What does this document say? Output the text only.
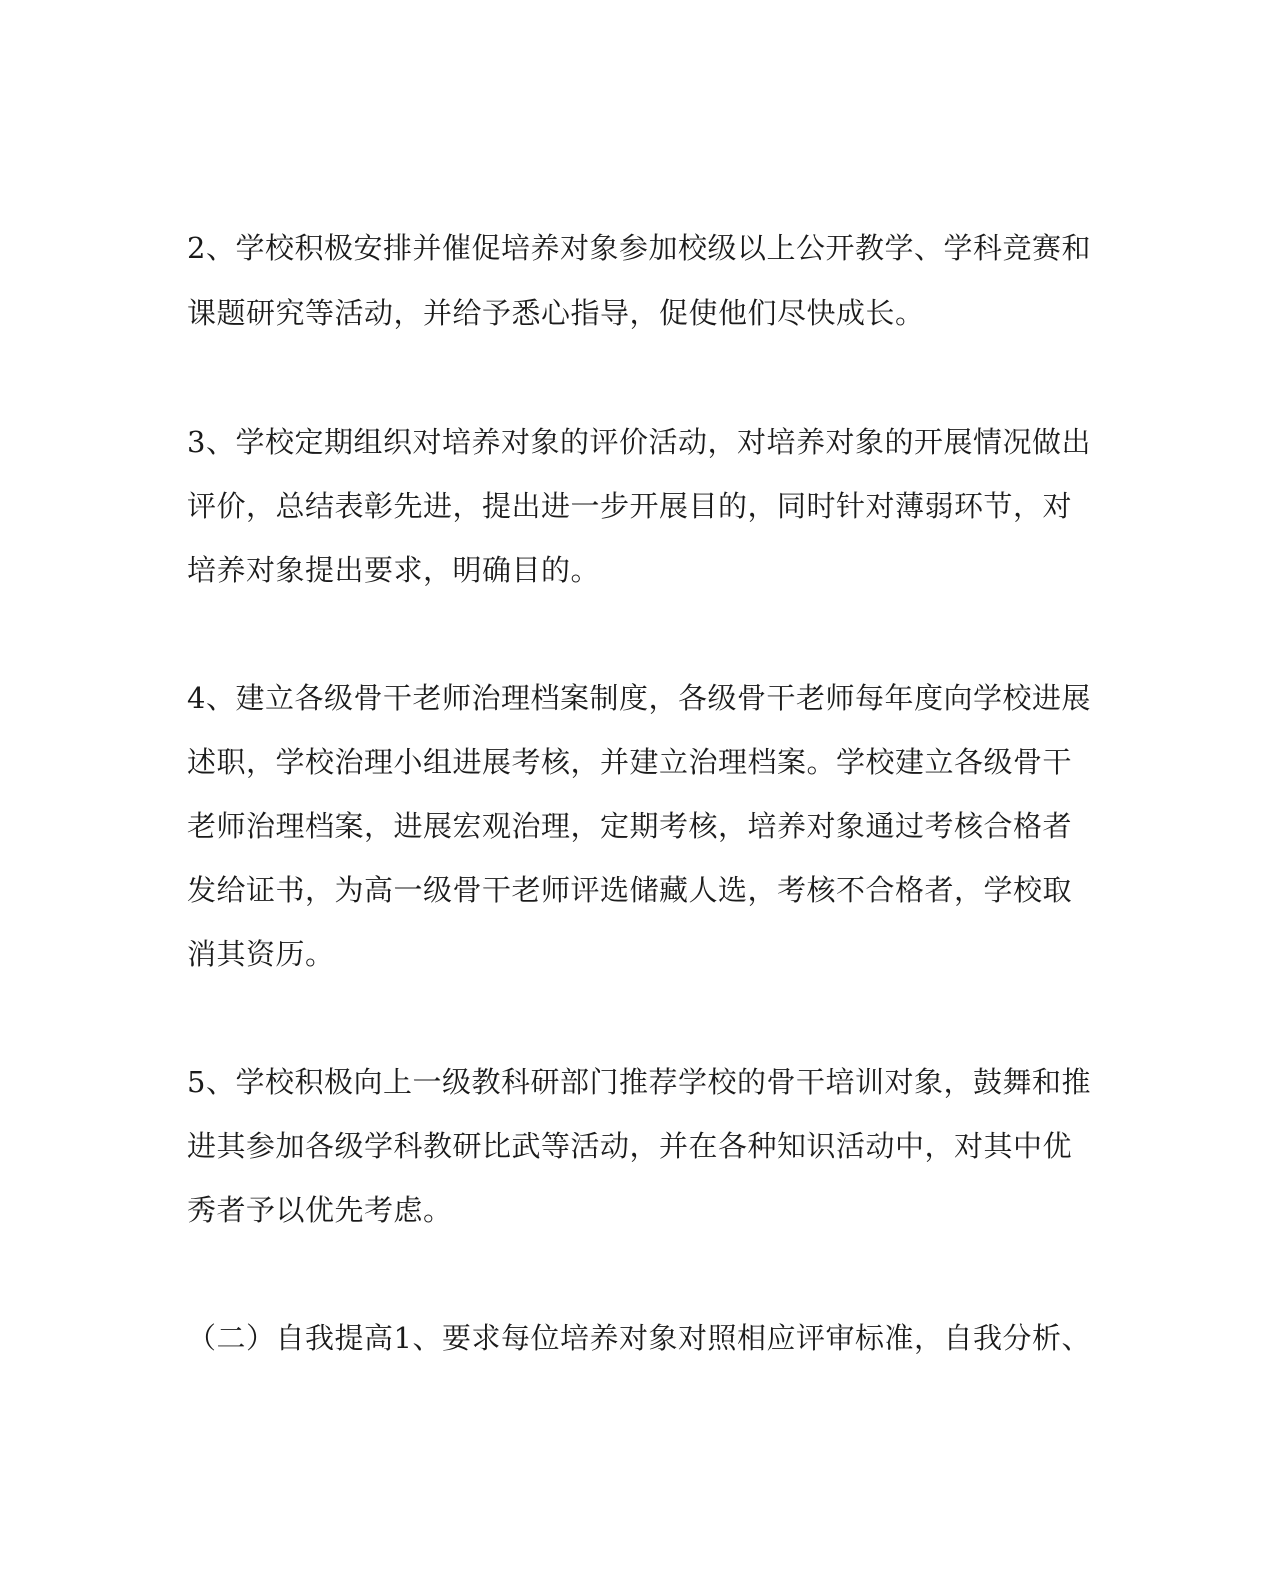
2、学校积极安排并催促培养对象参加校级以上公开教学、学科竞赛和
课题研究等活动，并给予悉心指导，促使他们尽快成长。
3、学校定期组织对培养对象的评价活动，对培养对象的开展情况做出
评价，总结表彰先进，提出进一步开展目的，同时针对薄弱环节，对
培养对象提出要求，明确目的。
4、建立各级骨干老师治理档案制度，各级骨干老师每年度向学校进展
述职，学校治理小组进展考核，并建立治理档案。学校建立各级骨干
老师治理档案，进展宏观治理，定期考核，培养对象通过考核合格者
发给证书，为高一级骨干老师评选储藏人选，考核不合格者，学校取
消其资历。
5、学校积极向上一级教科研部门推荐学校的骨干培训对象，鼓舞和推
进其参加各级学科教研比武等活动，并在各种知识活动中，对其中优
秀者予以优先考虑。
（二）自我提高1、要求每位培养对象对照相应评审标准，自我分析、
